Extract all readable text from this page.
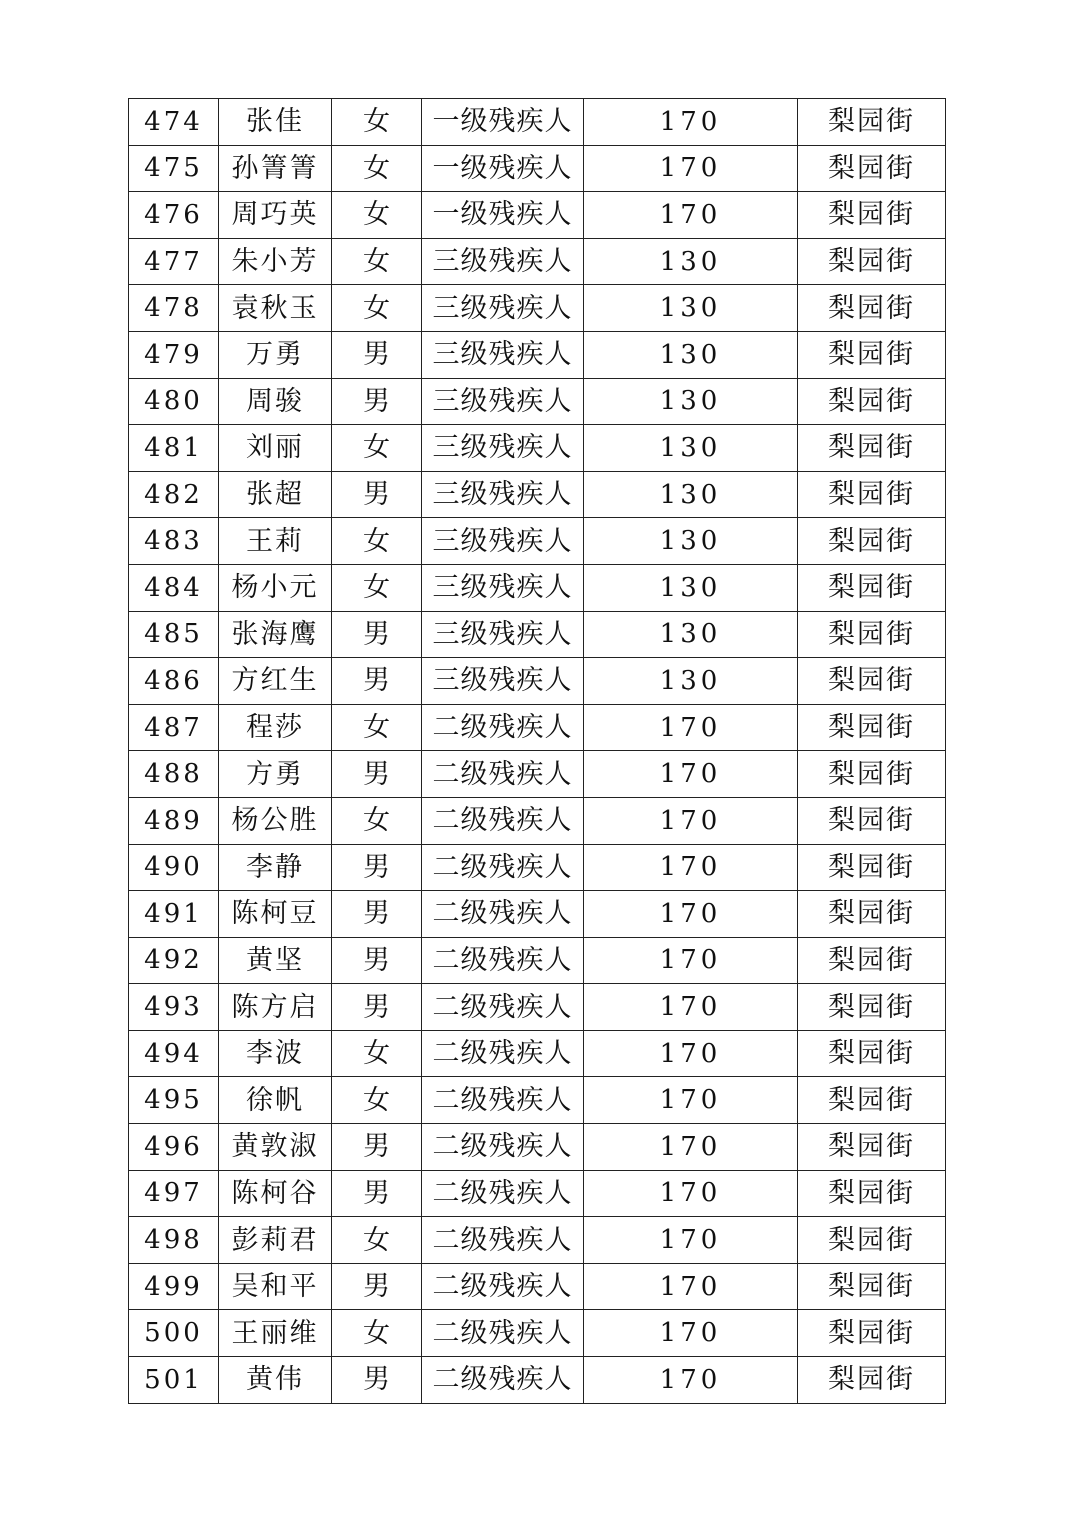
474	张佳	女	一级残疾人	170	梨园街
475	孙箐箐	女	一级残疾人	170	梨园街
476	周巧英	女	一级残疾人	170	梨园街
477	朱小芳	女	三级残疾人	130	梨园街
478	袁秋玉	女	三级残疾人	130	梨园街
479	万勇	男	三级残疾人	130	梨园街
480	周骏	男	三级残疾人	130	梨园街
481	刘丽	女	三级残疾人	130	梨园街
482	张超	男	三级残疾人	130	梨园街
483	王莉	女	三级残疾人	130	梨园街
484	杨小元	女	三级残疾人	130	梨园街
485	张海鹰	男	三级残疾人	130	梨园街
486	方红生	男	三级残疾人	130	梨园街
487	程莎	女	二级残疾人	170	梨园街
488	方勇	男	二级残疾人	170	梨园街
489	杨公胜	女	二级残疾人	170	梨园街
490	李静	男	二级残疾人	170	梨园街
491	陈柯豆	男	二级残疾人	170	梨园街
492	黄坚	男	二级残疾人	170	梨园街
493	陈方启	男	二级残疾人	170	梨园街
494	李波	女	二级残疾人	170	梨园街
495	徐帆	女	二级残疾人	170	梨园街
496	黄敦淑	男	二级残疾人	170	梨园街
497	陈柯谷	男	二级残疾人	170	梨园街
498	彭莉君	女	二级残疾人	170	梨园街
499	吴和平	男	二级残疾人	170	梨园街
500	王丽维	女	二级残疾人	170	梨园街
501	黄伟	男	二级残疾人	170	梨园街
